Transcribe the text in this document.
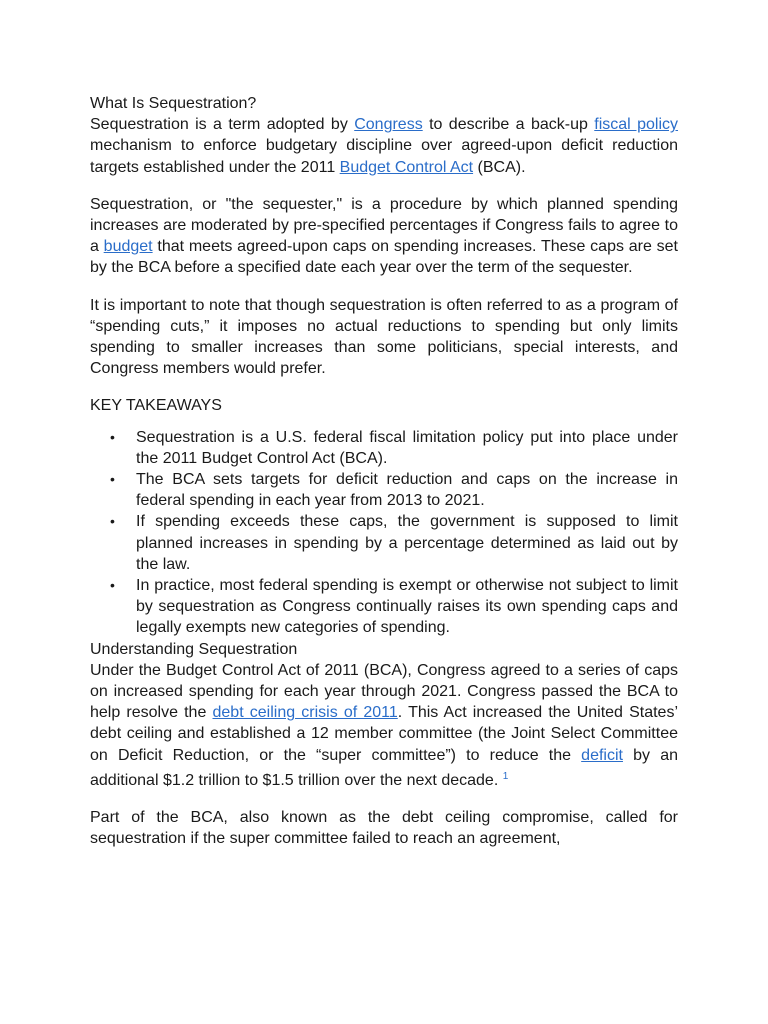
What Is Sequestration?

Sequestration is a term adopted by Congress to describe a back-up fiscal policy mechanism to enforce budgetary discipline over agreed-upon deficit reduction targets established under the 2011 Budget Control Act (BCA).

Sequestration, or "the sequester," is a procedure by which planned spending increases are moderated by pre-specified percentages if Congress fails to agree to a budget that meets agreed-upon caps on spending increases. These caps are set by the BCA before a specified date each year over the term of the sequester.

It is important to note that though sequestration is often referred to as a program of “spending cuts,” it imposes no actual reductions to spending but only limits spending to smaller increases than some politicians, special interests, and Congress members would prefer.

KEY TAKEAWAYS

•	Sequestration is a U.S. federal fiscal limitation policy put into place under the 2011 Budget Control Act (BCA).
•	The BCA sets targets for deficit reduction and caps on the increase in federal spending in each year from 2013 to 2021.
•	If spending exceeds these caps, the government is supposed to limit planned increases in spending by a percentage determined as laid out by the law.
•	In practice, most federal spending is exempt or otherwise not subject to limit by sequestration as Congress continually raises its own spending caps and legally exempts new categories of spending.

Understanding Sequestration

Under the Budget Control Act of 2011 (BCA), Congress agreed to a series of caps on increased spending for each year through 2021. Congress passed the BCA to help resolve the debt ceiling crisis of 2011. This Act increased the United States’ debt ceiling and established a 12 member committee (the Joint Select Committee on Deficit Reduction, or the “super committee”) to reduce the deficit by an additional $1.2 trillion to $1.5 trillion over the next decade. $^1$

Part of the BCA, also known as the debt ceiling compromise, called for sequestration if the super committee failed to reach an agreement,
